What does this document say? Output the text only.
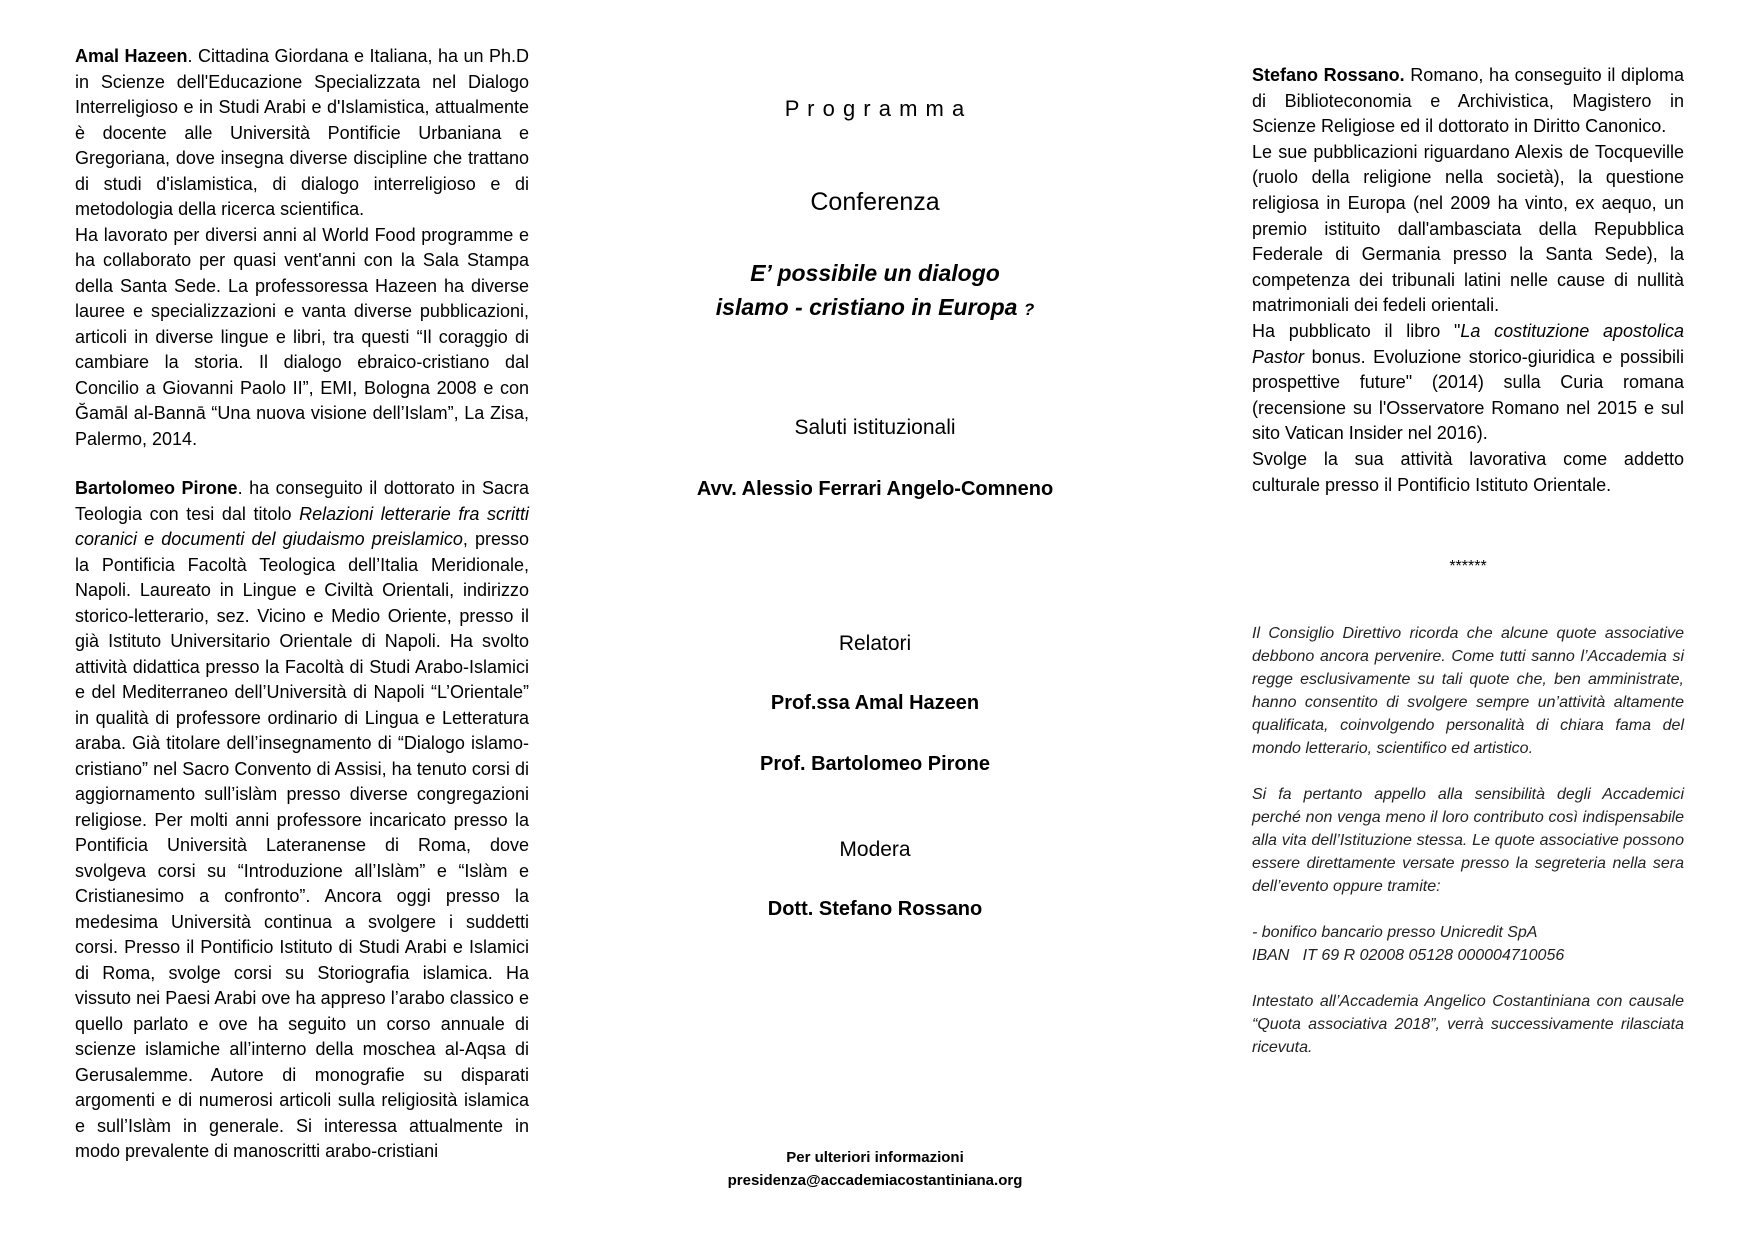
Amal Hazeen. Cittadina Giordana e Italiana, ha un Ph.D in Scienze dell'Educazione Specializzata nel Dialogo Interreligioso e in Studi Arabi e d'Islamistica, attualmente è docente alle Università Pontificie Urbaniana e Gregoriana, dove insegna diverse discipline che trattano di studi d'islamistica, di dialogo interreligioso e di metodologia della ricerca scientifica.

Ha lavorato per diversi anni al World Food programme e ha collaborato per quasi vent'anni con la Sala Stampa della Santa Sede. La professoressa Hazeen ha diverse lauree e specializzazioni e vanta diverse pubblicazioni, articoli in diverse lingue e libri, tra questi “Il coraggio di cambiare la storia. Il dialogo ebraico-cristiano dal Concilio a Giovanni Paolo II”, EMI, Bologna 2008 e con Ğamāl al-Bannā “Una nuova visione dell’Islam”, La Zisa, Palermo, 2014.

Bartolomeo Pirone. ha conseguito il dottorato in Sacra Teologia con tesi dal titolo Relazioni letterarie fra scritti coranici e documenti del giudaismo preislamico, presso la Pontificia Facoltà Teologica dell’Italia Meridionale, Napoli. Laureato in Lingue e Civiltà Orientali, indirizzo storico-letterario, sez. Vicino e Medio Oriente, presso il già Istituto Universitario Orientale di Napoli. Ha svolto attività didattica presso la Facoltà di Studi Arabo-Islamici e del Mediterraneo dell’Università di Napoli “L’Orientale” in qualità di professore ordinario di Lingua e Letteratura araba. Già titolare dell’insegnamento di “Dialogo islamo-cristiano” nel Sacro Convento di Assisi, ha tenuto corsi di aggiornamento sull’islàm presso diverse congregazioni religiose. Per molti anni professore incaricato presso la Pontificia Università Lateranense di Roma, dove svolgeva corsi su “Introduzione all’Islàm” e “Islàm e Cristianesimo a confronto”. Ancora oggi presso la medesima Università continua a svolgere i suddetti corsi. Presso il Pontificio Istituto di Studi Arabi e Islamici di Roma, svolge corsi su Storiografia islamica. Ha vissuto nei Paesi Arabi ove ha appreso l’arabo classico e quello parlato e ove ha seguito un corso annuale di scienze islamiche all’interno della moschea al-Aqsa di Gerusalemme. Autore di monografie su disparati argomenti e di numerosi articoli sulla religiosità islamica e sull’Islàm in generale. Si interessa attualmente in modo prevalente di manoscritti arabo-cristiani

P r o g r a m m a
Conferenza
E’ possibile un dialogo
islamo - cristiano in Europa ?
Saluti istituzionali
Avv. Alessio Ferrari Angelo-Comneno
Relatori
Prof.ssa Amal Hazeen
Prof. Bartolomeo Pirone
Modera
Dott. Stefano Rossano
Per ulteriori informazioni
presidenza@accademiacostantiniana.org

Stefano Rossano. Romano, ha conseguito il diploma di Biblioteconomia e Archivistica, Magistero in Scienze Religiose ed il dottorato in Diritto Canonico.

Le sue pubblicazioni riguardano Alexis de Tocqueville (ruolo della religione nella società), la questione religiosa in Europa (nel 2009 ha vinto, ex aequo, un premio istituito dall'ambasciata della Repubblica Federale di Germania presso la Santa Sede), la competenza dei tribunali latini nelle cause di nullità matrimoniali dei fedeli orientali.

Ha pubblicato il libro "La costituzione apostolica Pastor bonus. Evoluzione storico-giuridica e possibili prospettive future" (2014) sulla Curia romana (recensione su l'Osservatore Romano nel 2015 e sul sito Vatican Insider nel 2016).

Svolge la sua attività lavorativa come addetto culturale presso il Pontificio Istituto Orientale.

******

Il Consiglio Direttivo ricorda che alcune quote associative debbono ancora pervenire. Come tutti sanno l’Accademia si regge esclusivamente su tali quote che, ben amministrate, hanno consentito di svolgere sempre un’attività altamente qualificata, coinvolgendo personalità di chiara fama del mondo letterario, scientifico ed artistico.

Si fa pertanto appello alla sensibilità degli Accademici perché non venga meno il loro contributo così indispensabile alla vita dell’Istituzione stessa. Le quote associative possono essere direttamente versate presso la segreteria nella sera dell’evento oppure tramite:

- bonifico bancario presso Unicredit SpA

IBAN   IT 69 R 02008 05128 000004710056

Intestato all’Accademia Angelico Costantiniana con causale “Quota associativa 2018”, verrà successivamente rilasciata ricevuta.
